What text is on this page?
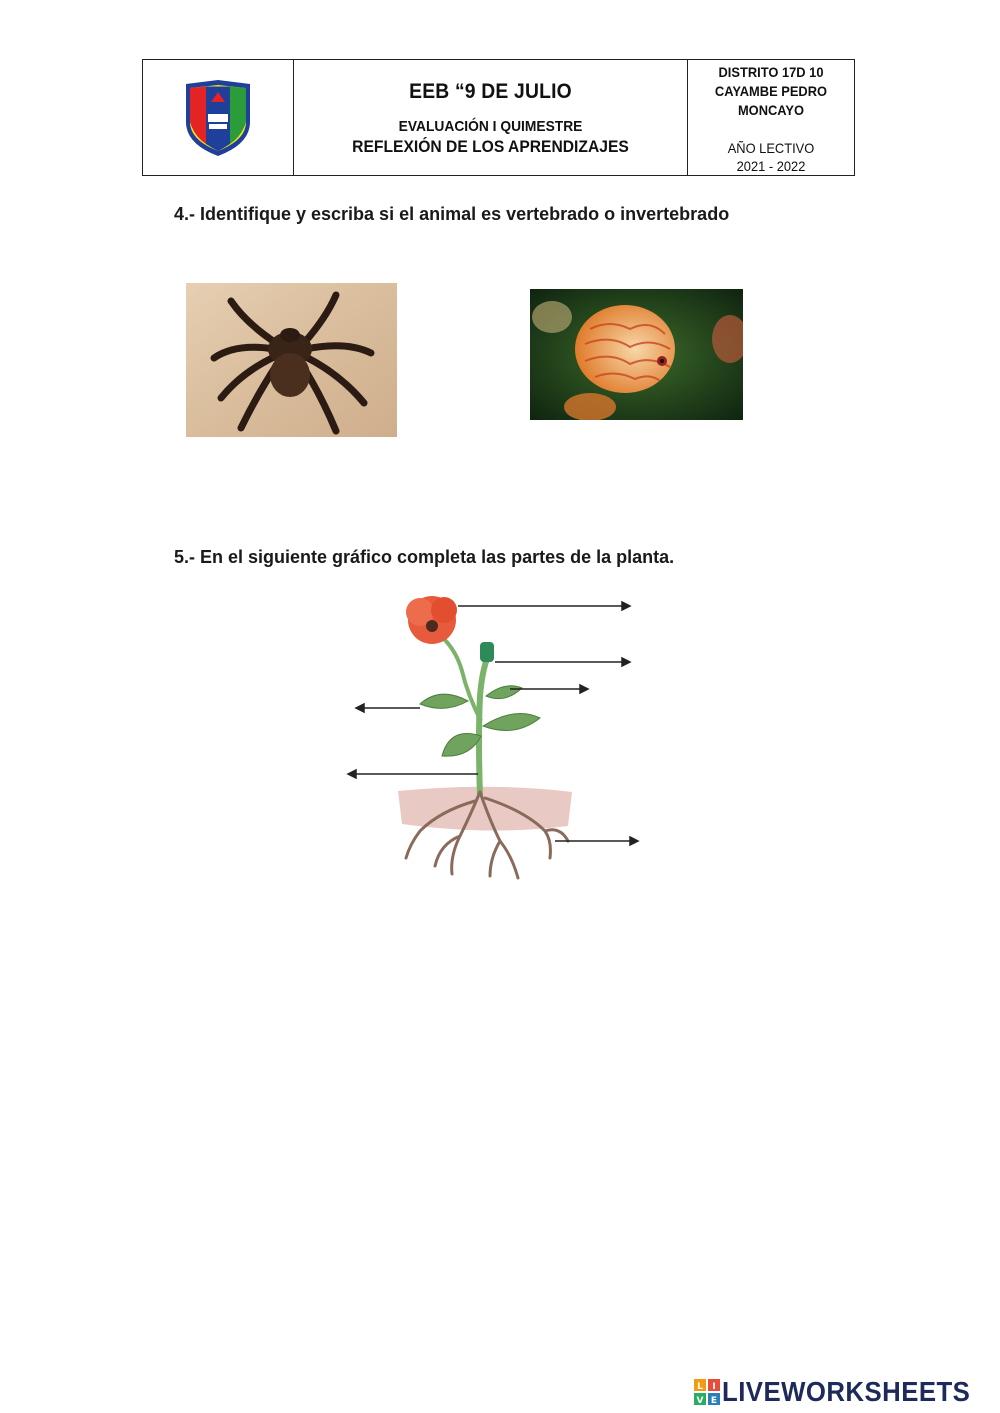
EEB “9 DE JULIO
EVALUACIÓN I QUIMESTRE
REFLEXIÓN DE LOS APRENDIZAJES
DISTRITO 17D 10
CAYAMBE PEDRO
MONCAYO
AÑO LECTIVO
2021 - 2022
4.- Identifique y escriba si el animal es vertebrado o invertebrado
5.- En el siguiente gráfico completa las partes de la planta.
L I
V E LIVEWORKSHEETS
